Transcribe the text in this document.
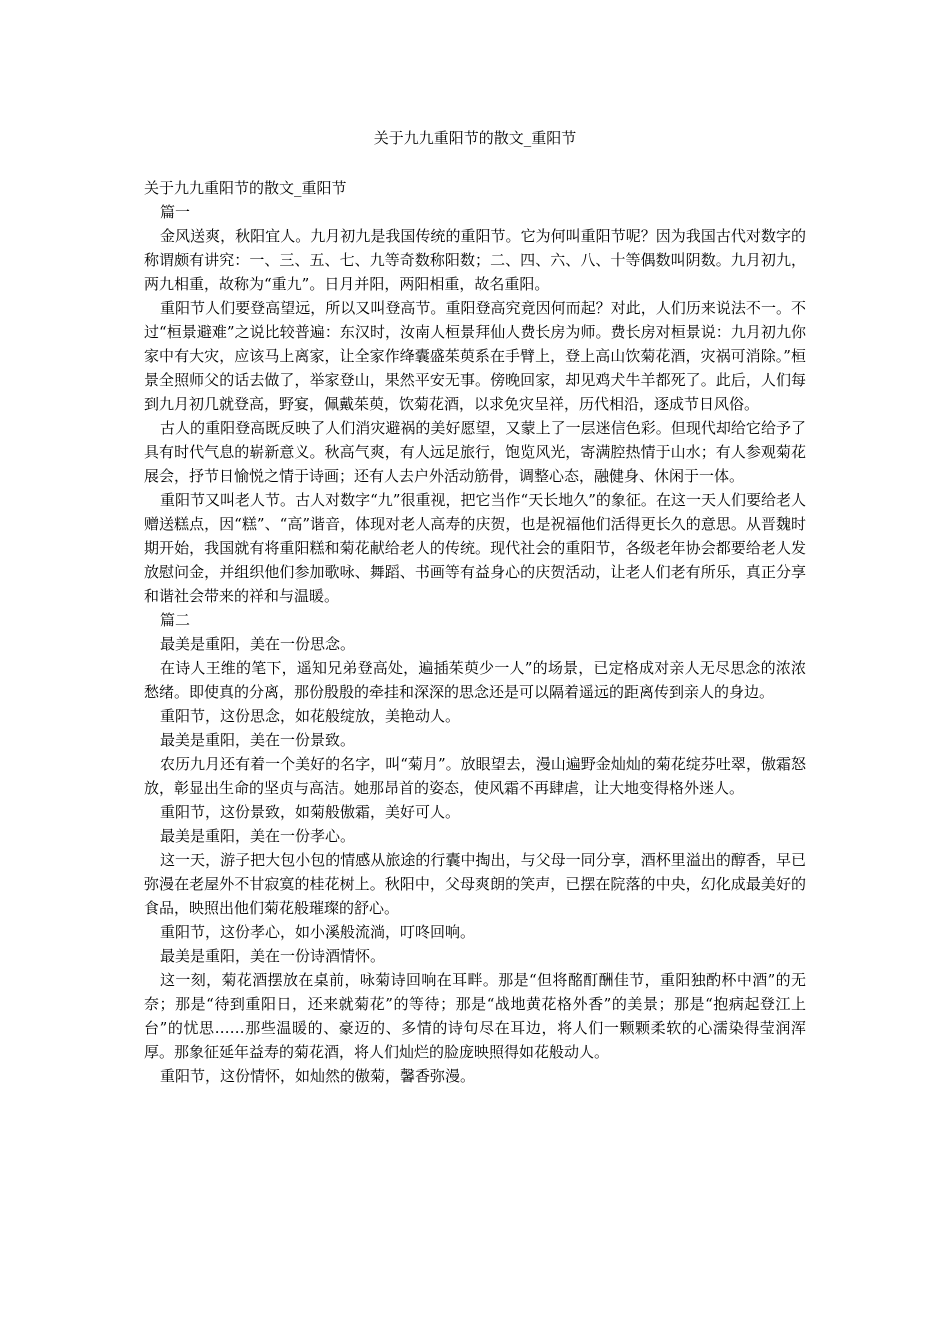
关于九九重阳节的散文_重阳节

关于九九重阳节的散文_重阳节

篇一

金风送爽，秋阳宜人。九月初九是我国传统的重阳节。它为何叫重阳节呢？因为我国古代对数字的称谓颇有讲究：一、三、五、七、九等奇数称阳数；二、四、六、八、十等偶数叫阴数。九月初九，两九相重，故称为“重九”。日月并阳，两阳相重，故名重阳。

重阳节人们要登高望远，所以又叫登高节。重阳登高究竟因何而起？对此，人们历来说法不一。不过“桓景避难”之说比较普遍：东汉时，汝南人桓景拜仙人费长房为师。费长房对桓景说：九月初九你家中有大灾，应该马上离家，让全家作绛囊盛茱萸系在手臂上，登上高山饮菊花酒，灾祸可消除。”桓景全照师父的话去做了，举家登山，果然平安无事。傍晚回家，却见鸡犬牛羊都死了。此后，人们每到九月初几就登高，野宴，佩戴茱萸，饮菊花酒，以求免灾呈祥，历代相沿，逐成节日风俗。

古人的重阳登高既反映了人们消灾避祸的美好愿望，又蒙上了一层迷信色彩。但现代却给它给予了具有时代气息的崭新意义。秋高气爽，有人远足旅行，饱览风光，寄满腔热情于山水；有人参观菊花展会，抒节日愉悦之情于诗画；还有人去户外活动筋骨，调整心态，融健身、休闲于一体。

重阳节又叫老人节。古人对数字“九”很重视，把它当作“天长地久”的象征。在这一天人们要给老人赠送糕点，因“糕”、“高”谐音，体现对老人高寿的庆贺，也是祝福他们活得更长久的意思。从晋魏时期开始，我国就有将重阳糕和菊花献给老人的传统。现代社会的重阳节，各级老年协会都要给老人发放慰问金，并组织他们参加歌咏、舞蹈、书画等有益身心的庆贺活动，让老人们老有所乐，真正分享和谐社会带来的祥和与温暖。

篇二

最美是重阳，美在一份思念。

在诗人王维的笔下，遥知兄弟登高处，遍插茱萸少一人”的场景，已定格成对亲人无尽思念的浓浓愁绪。即使真的分离，那份殷殷的牵挂和深深的思念还是可以隔着遥远的距离传到亲人的身边。

重阳节，这份思念，如花般绽放，美艳动人。

最美是重阳，美在一份景致。

农历九月还有着一个美好的名字，叫“菊月”。放眼望去，漫山遍野金灿灿的菊花绽芬吐翠，傲霜怒放，彰显出生命的坚贞与高洁。她那昂首的姿态，使风霜不再肆虐，让大地变得格外迷人。

重阳节，这份景致，如菊般傲霜，美好可人。

最美是重阳，美在一份孝心。

这一天，游子把大包小包的情感从旅途的行囊中掏出，与父母一同分享，酒杯里溢出的醇香，早已弥漫在老屋外不甘寂寞的桂花树上。秋阳中，父母爽朗的笑声，已摆在院落的中央，幻化成最美好的食品，映照出他们菊花般璀璨的舒心。

重阳节，这份孝心，如小溪般流淌，叮咚回响。

最美是重阳，美在一份诗酒情怀。

这一刻，菊花酒摆放在桌前，咏菊诗回响在耳畔。那是“但将酩酊酬佳节，重阳独酌杯中酒”的无奈；那是“待到重阳日，还来就菊花”的等待；那是“战地黄花格外香”的美景；那是“抱病起登江上台”的忧思……那些温暖的、豪迈的、多情的诗句尽在耳边，将人们一颗颗柔软的心濡染得莹润浑厚。那象征延年益寿的菊花酒，将人们灿烂的脸庞映照得如花般动人。

重阳节，这份情怀，如灿然的傲菊，馨香弥漫。
